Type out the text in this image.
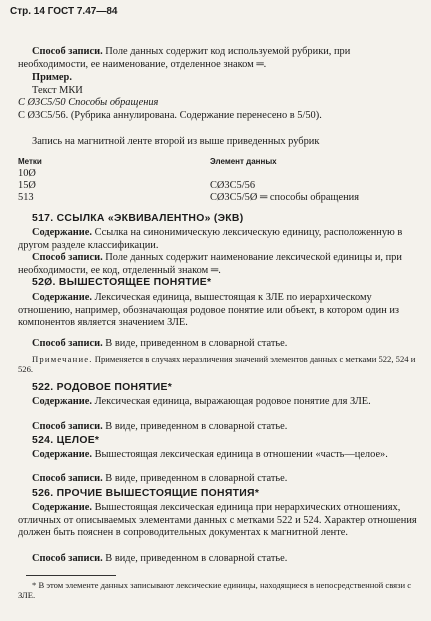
Стр. 14 ГОСТ 7.47—84
Способ записи. Поле данных содержит код используемой рубрики, при необходимости, ее наименование, отделенное знаком ═.
Пример.
Текст МКИ
С Ø3С5/50 Способы обращения
С Ø3С5/56. (Рубрика аннулирована. Содержание перенесено в 5/50).
Запись на магнитной ленте второй из выше приведенных рубрик
Метки	Элемент данных
10Ø
15Ø	CØ3C5/56
513	CØ3C5/5Ø ═ способы обращения
517. ССЫЛКА «ЭКВИВАЛЕНТНО» (ЭКВ)
Содержание. Ссылка на синонимическую лексическую единицу, расположенную в другом разделе классификации.
Способ записи. Поле данных содержит наименование лексической единицы и, при необходимости, ее код, отделенный знаком ═.
52Ø. ВЫШЕСТОЯЩЕЕ ПОНЯТИЕ*
Содержание. Лексическая единица, вышестоящая к ЗЛЕ по иерархическому отношению, например, обозначающая родовое понятие или объект, в котором один из компонентов является значением ЗЛЕ.
Способ записи. В виде, приведенном в словарной статье.
Примечание. Применяется в случаях неразличения значений элементов данных с метками 522, 524 и 526.
522. РОДОВОЕ ПОНЯТИЕ*
Содержание. Лексическая единица, выражающая родовое понятие для ЗЛЕ.
Способ записи. В виде, приведенном в словарной статье.
524. ЦЕЛОЕ*
Содержание. Вышестоящая лексическая единица в отношении «часть—целое».
Способ записи. В виде, приведенном в словарной статье.
526. ПРОЧИЕ ВЫШЕСТОЯЩИЕ ПОНЯТИЯ*
Содержание. Вышестоящая лексическая единица при нерархических отношениях, отличных от описываемых элементами данных с метками 522 и 524. Характер отношения должен быть пояснен в сопроводительных документах к магнитной ленте.
Способ записи. В виде, приведенном в словарной статье.
* В этом элементе данных записывают лексические единицы, находящиеся в непосредственной связи с ЗЛЕ.
